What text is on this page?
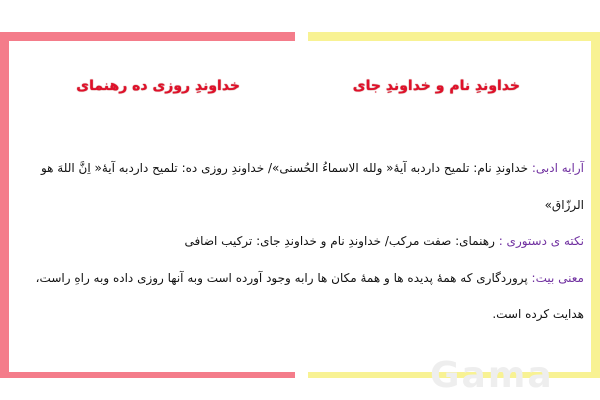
خداوندِ نام و خداوندِ جای
خداوندِ روزی ده رهنمای
آرایه ادبی: خداوندِ نام: تلمیح داردبه آیهٔ« ولله الاسماءُ الحُسنی»/ خداوندِ روزی ده: تلمیح داردبه آیهٔ« اِنَّ اللهَ هو الرزّاق»
نکته ی دستوری : رهنمای: صفت مرکب/ خداوندِ نام و خداوندِ جای: ترکیب اضافی
معنی بیت: پروردگاری که همهٔ پدیده ها و همهٔ مکان ها رابه وجود آورده است وبه آنها روزی داده وبه راهِ راست، هدایت کرده است.
Gama
